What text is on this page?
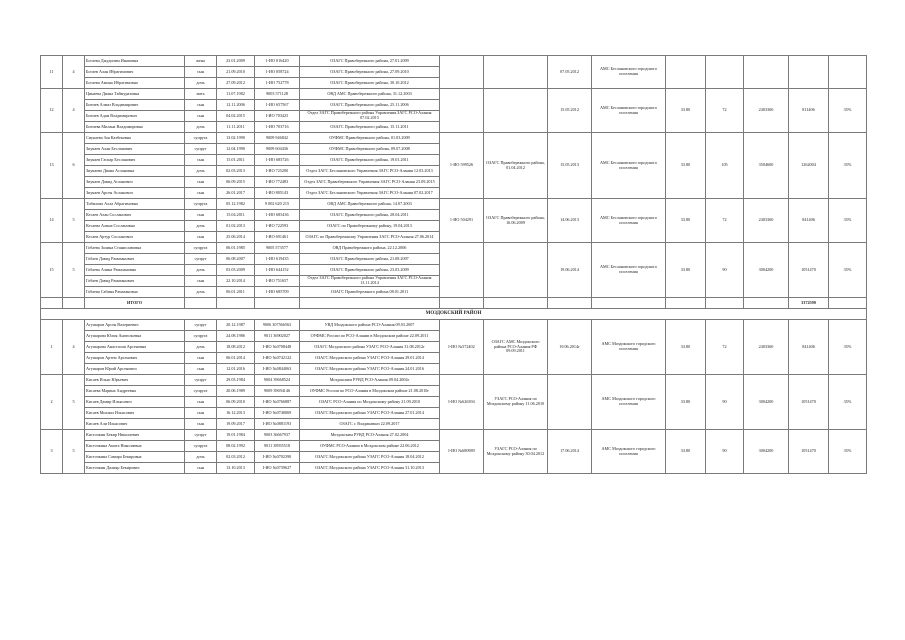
11	4	Богаева Джудилим Инаповна	жена	23.01.2009	1-ИО 016420	ОЗАГС Правобережного района, 27.01.2009			07.05.2012	АМС Беслановского городского поселения					
		Богаев Алан Ибрагимович	сын	21.09.2010	1-ИО 058724	ОЗАГС Правобережного района, 27.09.2010									
		Богаева Амина Ибрагимовна	дочь	27.09.2012	1-ИО 752778	ОЗАГС Правобережного района, 30.10.2012									
12	4	Цинаева Диана Таймуразовна	мать	11.07.1982	9003 571128	ОВД АМС Правобережного района, 31.12.2003			15.05.2012	АМС Беслановского городского поселения	33.80	72	2403360	811406	35%
		Битиев Алмаз Владимирович	сын	12.11.2006	1-ИО 657567	ОЗАГС Правобережного района, 25.11.2006									
		Битиев Адам Владимирович	сын	04.02.2015	I-ИО 703425	Отдел ЗАГС Правобережного района Управления ЗАГС РСО-Алания 07.02.2015									
		Битиева Милана Владимировна	дочь	11.11.2011	1-ИО 703716	ОЗАГС Правобережного района, 15.11.2011									
13	6	Сиукаева Зоя Казбековна	супруга	13.02.1990	9009 946842	ОУФМС Правобережного района, 01.03.2009	1-ИО 599526	ОЗАГС Правобережного района, 01.04.2012	15.05.2013	АМС Беслановского городского поселения	33.80	105	3504600	1262004	35%
		Зиукаев Алан Бесланович	супруг	12.04.1990	9009 604436	ОУФМС Правобережного района, 09.07.2008									
		Зиукаев Гаспар Бесланович	сын	15.01.2011	1-ИО 685726	ОЗАГС Правобережного района, 19.01.2011									
		Зиукаева Диана Аслановна	дочь	02.03.2013	I-ИО 725200	Отдел ЗАГС Беслановского Управления ЗАГС РСО-Алания 12.03.2013									
		Зиукаев Давид Асланович	сын	06.09.2015	I-ИО 772483	Отдел ЗАГС Правобережного Управления ЗАГС РСО-Алания 23.09.2015									
		Зиукаев Арсен Асланович	сын	26.01.2017	I-ИО 805143	Отдел ЗАГС Беслановского Управления ЗАГС РСО-Алания 07.02.2017									
14	5	Тибилова Алла Абрагимовна	супруга	05.12.1982	9 002 620 215	ОВД АМС Правобережного района, 14.07.2003	1-ИО 504291	ОЗАГС Правобережного района, 16.06.2009	14.06.2013	АМС Беслановского городского поселения	33.80	72	2403360	841406	35%
		Кесаев Алан Сосланович	сын	15.04.2011	1-ИО 685436	ОЗАГС Правобережного района, 28.04.2011									
		Кесаева Алина Сослановна	дочь	01.02.2013	I-ИО 722593	ОЗАГС по Правобережному району, 19.04.2013									
		Кесаев Артур Сосланович	сын	25.06.2014	I-ИО 691461	ОЗАГС по Правобережному Управления ЗАГС РСО-Алания 27.06.2014									
15	5	Гобаева Залина Станиславовна	супруга	06.01.1985	9005 573577	ОВД Правобережного района, 22.12.2006			19.06.2014	АМС Беслановского городского поселения	33.80	90	3004200	1051470	35%
		Гобаев Давид Рамазанович	супруг	06.08.2007	1-ИО 619435	ОЗАГС Правобережного района, 21.08.2007									
		Гобаева Алина Рамазановна	дочь	03.03.2009	1-ИО 644152	ОЗАГС Правобережного района, 23.03.2009									
		Гобаев Давид Рамазанович	сын	22.10.2014	I-ИО 751657	Отдел ЗАГС Правобережного района Управления ЗАГС РСО-Алания 13.11.2014									
		Гобаева Сабина Рамазановна	дочь	06.01.2011	1-ИО 685709	ОЗАГС Правобережного района 08.01.2011									
		ИТОГО												3372590	
МОЗДОКСКИЙ РАЙОН															
1	4	Агушаров Арсен Валериевич	супруг	20.12.1987	9006 307566563	УВД Моздокского района РСО-Алания 09.03.2007	I-ИО №572402	ОЗАГС АМС Моздокского района РСО-Алания РФ 09.09.2011	19.06.2014г	АМС Моздокского городского поселения	33.80	72	2403360	841406	35%
		Агушарова Юлия Анатольевна	супруга	24.08.1986	9011 36902027	ОУФМС России по РСО-Алании в Моздокском районе 22.09.2011									
		Агушарова Анастасия Арсеновна	дочь	18.08.2012	I-ИО №0708448	ОЗАГС Моздокского района УЗАГС РСО-Алания 31.08.2012г									
		Агушаров Артем Арсенович	сын	06.01.2014	I-ИО №0742122	ОЗАГС Моздокского района УЗАГС РСО-Алания 29.01.2014									
		Агушаров Юрий Арсенович	сын	12.01.2016	I-ИО №0844063	ОЗАГС Моздокского района УЗАГС РСО-Алания 24.01.2016									
2	5	Кисаев Ильяс Юрьевич	супруг	29.03.1984	9004 39668524	Моздокским РУВД РСО-Алания 09.04.2004г	I-ИО №626394	УЗАГС РСО-Алания по Моздокскому району 11.06.2010		АМС Моздокского городского поселения	33.80	90	3004200	1051470	35%
		Кисаева Марина Андреевна	супруга	20.06.1989	9009 39694146	ОУФМС России по РСО-Алания в Моздокском районе 21.08.2010г									
		Кисаев Дамир Ильясович	сын	06.09.2010	I-ИО №0766887	ОЗАГС РСО-Алания по Моздокскому району 21.09.2010									
		Кисаев Михаил Ильясович	сын	16.12.2013	I-ИО №0740069	ОЗАГС Моздокского района УЗАГС РСО-Алания 27.01.2014									
		Кисаев Али Ильясович	сын	19.09.2017	I-ИО №0881193	ОЗАГС г. Владикавказ 22.09.2017									
3	5	Кисточкин Бекир Николаевич	супруг	19.01.1984	9003 36667937	Моздокским РУВД РСО-Алания 27.02.2004	I-ИО №680989	УЗАГС РСО-Алания по Моздокскому району 30.04.2012	17.06.2014	АМС Моздокского городского поселения	33.80	90	3004200	1051470	35%
		Кисточкина Анита Николаевна	супруга	08.02.1992	9011 38935518	ОУФМС РСО-Алании в Моздокском районе 22.06.2012									
		Кисточкина Самира Бекировна	дочь	02.03.2012	I-ИО №0702390	ОЗАГС Моздокского района УЗАГС РСО-Алания 18.04.2012									
		Кисточкин Далияр Бекирович	сын	13.10.2013	I-ИО №0739627	ОЗАГС Моздокского района УЗАГС РСО-Алания 31.10.2013									
